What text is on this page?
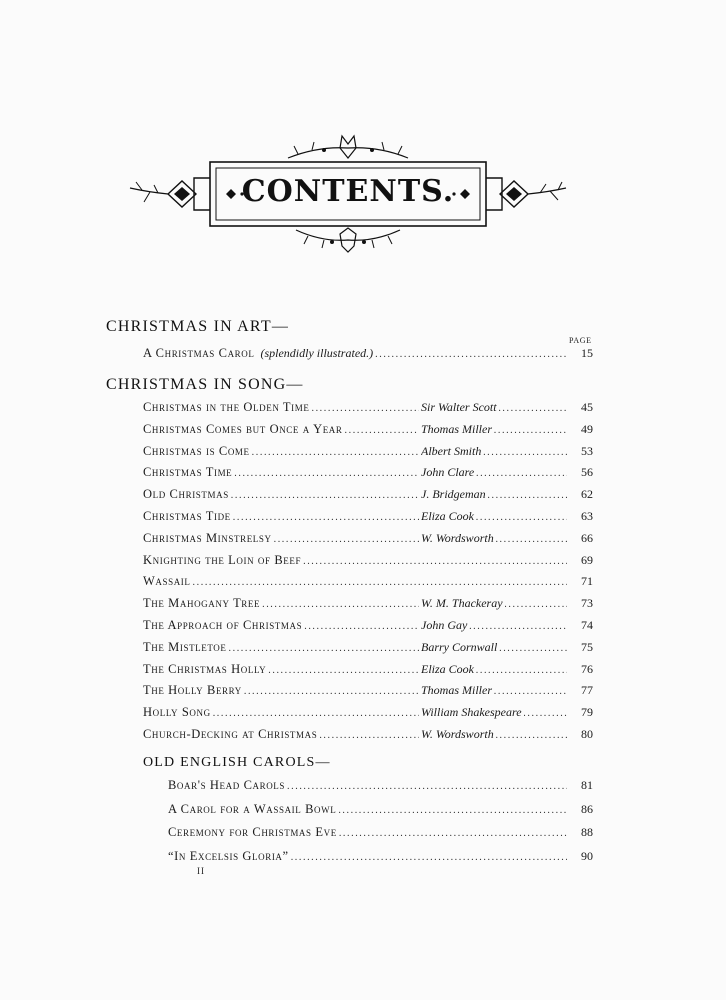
CONTENTS.
CHRISTMAS IN ART—
PAGE
A Christmas Carol (splendidly illustrated.) .....	15
CHRISTMAS IN SONG—
Christmas in the Olden Time .....	Sir Walter Scott .....	45
Christmas Comes but Once a Year .....	Thomas Miller .....	49
Christmas is Come .....	Albert Smith .....	53
Christmas Time .....	John Clare .....	56
Old Christmas .....	J. Bridgeman .....	62
Christmas Tide .....	Eliza Cook .....	63
Christmas Minstrelsy .....	W. Wordsworth .....	66
Knighting the Loin of Beef .....	69
Wassail .....	71
The Mahogany Tree .....	W. M. Thackeray .....	73
The Approach of Christmas .....	John Gay .....	74
The Mistletoe .....	Barry Cornwall .....	75
The Christmas Holly .....	Eliza Cook .....	76
The Holly Berry .....	Thomas Miller .....	77
Holly Song .....	William Shakespeare .....	79
Church-Decking at Christmas .....	W. Wordsworth .....	80
OLD ENGLISH CAROLS—
Boar's Head Carols .....	81
A Carol for a Wassail Bowl .....	86
Ceremony for Christmas Eve .....	88
“In Excelsis Gloria” .....	90
II
